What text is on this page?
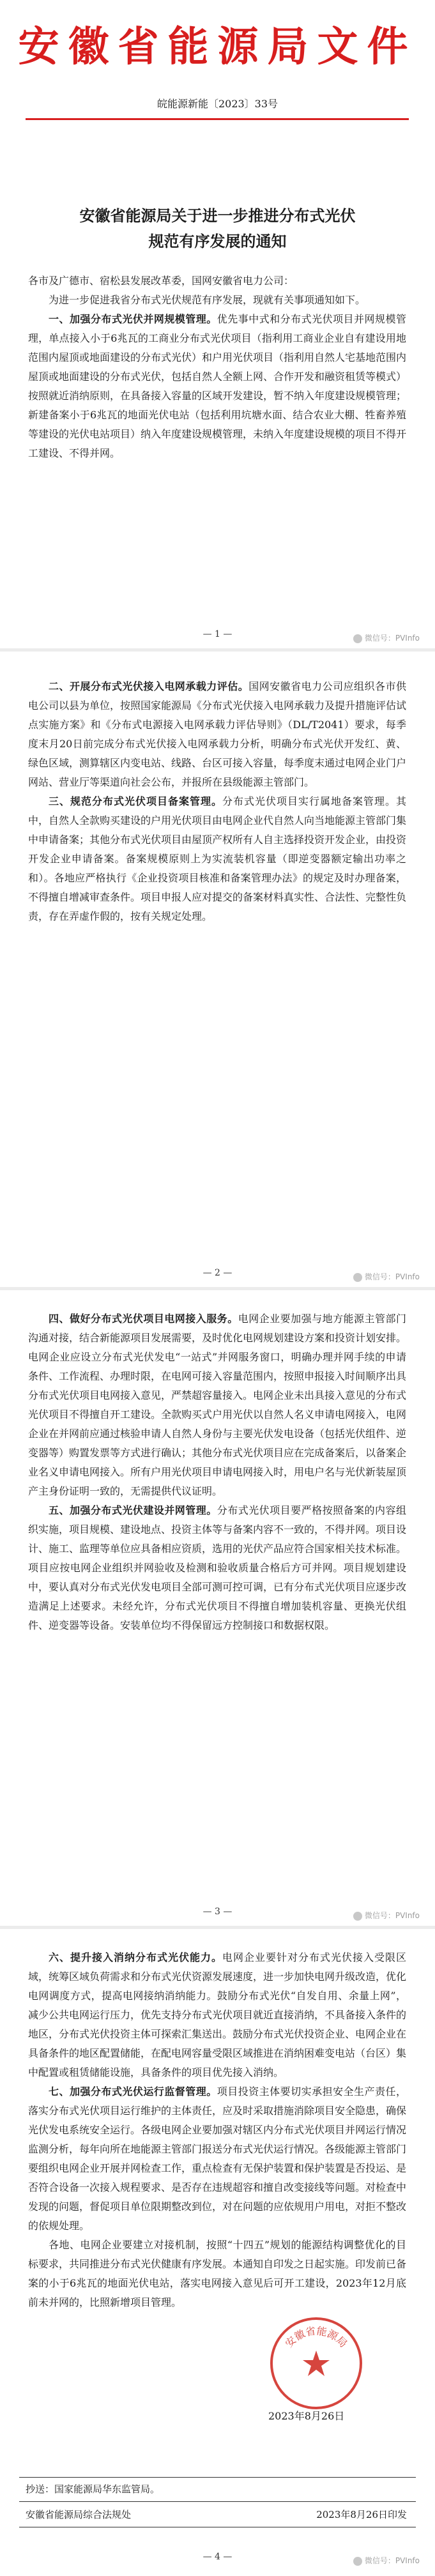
安徽省能源局文件
皖能源新能〔2023〕33号
安徽省能源局关于进一步推进分布式光伏
规范有序发展的通知

各市及广德市、宿松县发展改革委，国网安徽省电力公司：

为进一步促进我省分布式光伏规范有序发展，现就有关事项通知如下。

一、加强分布式光伏并网规模管理。优先事中式和分布式光伏项目并网规模管理，单点接入小于6兆瓦的工商业分布式光伏项目（指利用工商业企业自有建设用地范围内屋顶或地面建设的分布式光伏）和户用光伏项目（指利用自然人宅基地范围内屋顶或地面建设的分布式光伏，包括自然人全额上网、合作开发和融资租赁等模式）按照就近消纳原则，在具备接入容量的区域开发建设，暂不纳入年度建设规模管理；新建备案小于6兆瓦的地面光伏电站（包括利用坑塘水面、结合农业大棚、牲畜养殖等建设的光伏电站项目）纳入年度建设规模管理，未纳入年度建设规模的项目不得开工建设、不得并网。

— 1 —	微信号：PVInfo

二、开展分布式光伏接入电网承载力评估。国网安徽省电力公司应组织各市供电公司以县为单位，按照国家能源局《分布式光伏接入电网承载力及提升措施评估试点实施方案》和《分布式电源接入电网承载力评估导则》（DL/T2041）要求，每季度末月20日前完成分布式光伏接入电网承载力分析，明确分布式光伏开发红、黄、绿色区域，测算辖区内变电站、线路、台区可接入容量，每季度末通过电网企业门户网站、营业厅等渠道向社会公布，并报所在县级能源主管部门。

三、规范分布式光伏项目备案管理。分布式光伏项目实行属地备案管理。其中，自然人全款购买建设的户用光伏项目由电网企业代自然人向当地能源主管部门集中申请备案；其他分布式光伏项目由屋顶产权所有人自主选择投资开发企业，由投资开发企业申请备案。备案规模原则上为实流装机容量（即逆变器额定输出功率之和）。各地应严格执行《企业投资项目核准和备案管理办法》的规定及时办理备案，不得擅自增减审查条件。项目申报人应对提交的备案材料真实性、合法性、完整性负责，存在弄虚作假的，按有关规定处理。

— 2 —	微信号：PVInfo

四、做好分布式光伏项目电网接入服务。电网企业要加强与地方能源主管部门沟通对接，结合新能源项目发展需要，及时优化电网规划建设方案和投资计划安排。电网企业应设立分布式光伏发电“一站式”并网服务窗口，明确办理并网手续的申请条件、工作流程、办理时限，在电网可接入容量范围内，按照申报接入时间顺序出具分布式光伏项目电网接入意见，严禁超容量接入。电网企业未出具接入意见的分布式光伏项目不得擅自开工建设。全款购买式户用光伏以自然人名义申请电网接入，电网企业在并网前应通过核验申请人自然人身份与主要光伏发电设备（包括光伏组件、逆变器等）购置发票等方式进行确认；其他分布式光伏项目应在完成备案后，以备案企业名义申请电网接入。所有户用光伏项目申请电网接入时，用电户名与光伏新装屋顶产主身份证明一致的，无需提供代议证明。

五、加强分布式光伏建设并网管理。分布式光伏项目要严格按照备案的内容组织实施，项目规模、建设地点、投资主体等与备案内容不一致的，不得并网。项目设计、施工、监理等单位应具备相应资质，选用的光伏产品应符合国家相关技术标准。项目应按电网企业组织并网验收及检测和验收质量合格后方可并网。项目规划建设中，要认真对分布式光伏发电项目全部可测可控可调，已有分布式光伏项目应逐步改造满足上述要求。未经允许，分布式光伏项目不得擅自增加装机容量、更换光伏组件、逆变器等设备。安装单位均不得保留远方控制接口和数据权限。

— 3 —	微信号：PVInfo

六、提升接入消纳分布式光伏能力。电网企业要针对分布式光伏接入受限区域，统筹区域负荷需求和分布式光伏资源发展速度，进一步加快电网升级改造，优化电网调度方式，提高电网接纳消纳能力。鼓励分布式光伏“自发自用、余量上网”，减少公共电网运行压力，优先支持分布式光伏项目就近直接消纳，不具备接入条件的地区，分布式光伏投资主体可探索汇集送出。鼓励分布式光伏投资企业、电网企业在具备条件的地区配置储能，在配电网容量受限区域推进在消纳困难变电站（台区）集中配置或租赁储能设施，具备条件的项目优先接入消纳。

七、加强分布式光伏运行监督管理。项目投资主体要切实承担安全生产责任，落实分布式光伏项目运行维护的主体责任，应及时采取措施消除项目安全隐患，确保光伏发电系统安全运行。各级电网企业要加强对辖区内分布式光伏项目并网运行情况监测分析，每年向所在地能源主管部门报送分布式光伏运行情况。各级能源主管部门要组织电网企业开展并网检查工作，重点检查有无保护装置和保护装置是否投运、是否符合设备一次接入规程要求、是否存在违规超容和擅自改变接线等问题。对检查中发现的问题，督促项目单位限期整改到位，对在问题的应依规用户用电，对拒不整改的依规处理。

各地、电网企业要建立对接机制，按照“十四五”规划的能源结构调整优化的目标要求，共同推进分布式光伏健康有序发展。本通知自印发之日起实施。印发前已备案的小于6兆瓦的地面光伏电站，落实电网接入意见后可开工建设，2023年12月底前未并网的，比照新增项目管理。

安徽省能源局
2023年8月26日
抄送：国家能源局华东监管局。
安徽省能源局综合法规处	2023年8月26日印发
— 4 —	微信号：PVInfo
